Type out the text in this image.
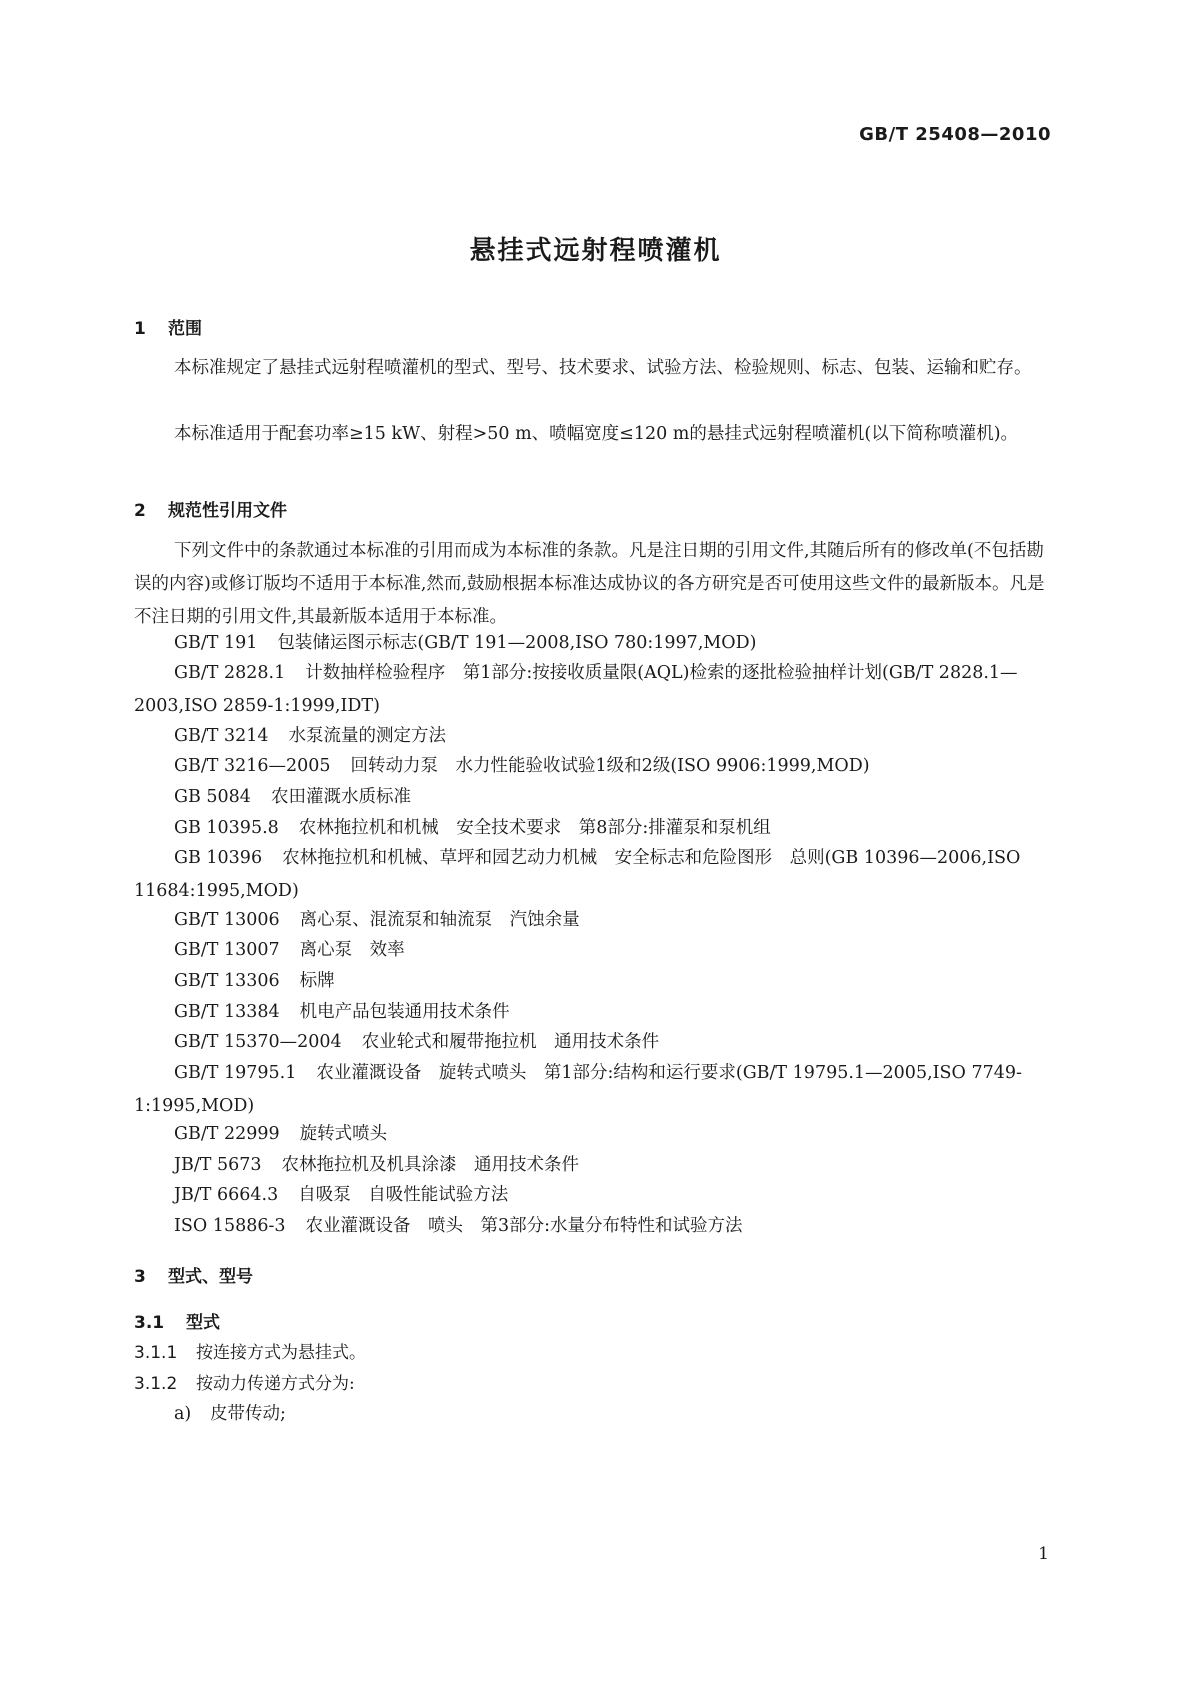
GB/T 25408—2010
悬挂式远射程喷灌机
1 范围
本标准规定了悬挂式远射程喷灌机的型式、型号、技术要求、试验方法、检验规则、标志、包装、运输和贮存。
本标准适用于配套功率≥15 kW、射程>50 m、喷幅宽度≤120 m的悬挂式远射程喷灌机(以下简称喷灌机)。
2 规范性引用文件
下列文件中的条款通过本标准的引用而成为本标准的条款。凡是注日期的引用文件,其随后所有的修改单(不包括勘误的内容)或修订版均不适用于本标准,然而,鼓励根据本标准达成协议的各方研究是否可使用这些文件的最新版本。凡是不注日期的引用文件,其最新版本适用于本标准。
GB/T 191 包装储运图示标志(GB/T 191—2008,ISO 780:1997,MOD)
GB/T 2828.1 计数抽样检验程序　第1部分:按接收质量限(AQL)检索的逐批检验抽样计划(GB/T 2828.1—2003,ISO 2859-1:1999,IDT)
GB/T 3214 水泵流量的测定方法
GB/T 3216—2005 回转动力泵　水力性能验收试验1级和2级(ISO 9906:1999,MOD)
GB 5084 农田灌溉水质标准
GB 10395.8 农林拖拉机和机械　安全技术要求　第8部分:排灌泵和泵机组
GB 10396 农林拖拉机和机械、草坪和园艺动力机械　安全标志和危险图形　总则(GB 10396—2006,ISO 11684:1995,MOD)
GB/T 13006 离心泵、混流泵和轴流泵　汽蚀余量
GB/T 13007 离心泵　效率
GB/T 13306 标牌
GB/T 13384 机电产品包装通用技术条件
GB/T 15370—2004 农业轮式和履带拖拉机　通用技术条件
GB/T 19795.1 农业灌溉设备　旋转式喷头　第1部分:结构和运行要求(GB/T 19795.1—2005,ISO 7749-1:1995,MOD)
GB/T 22999 旋转式喷头
JB/T 5673 农林拖拉机及机具涂漆　通用技术条件
JB/T 6664.3 自吸泵　自吸性能试验方法
ISO 15886-3 农业灌溉设备　喷头　第3部分:水量分布特性和试验方法
3 型式、型号
3.1 型式
3.1.1 按连接方式为悬挂式。
3.1.2 按动力传递方式分为:
a) 皮带传动;
1
